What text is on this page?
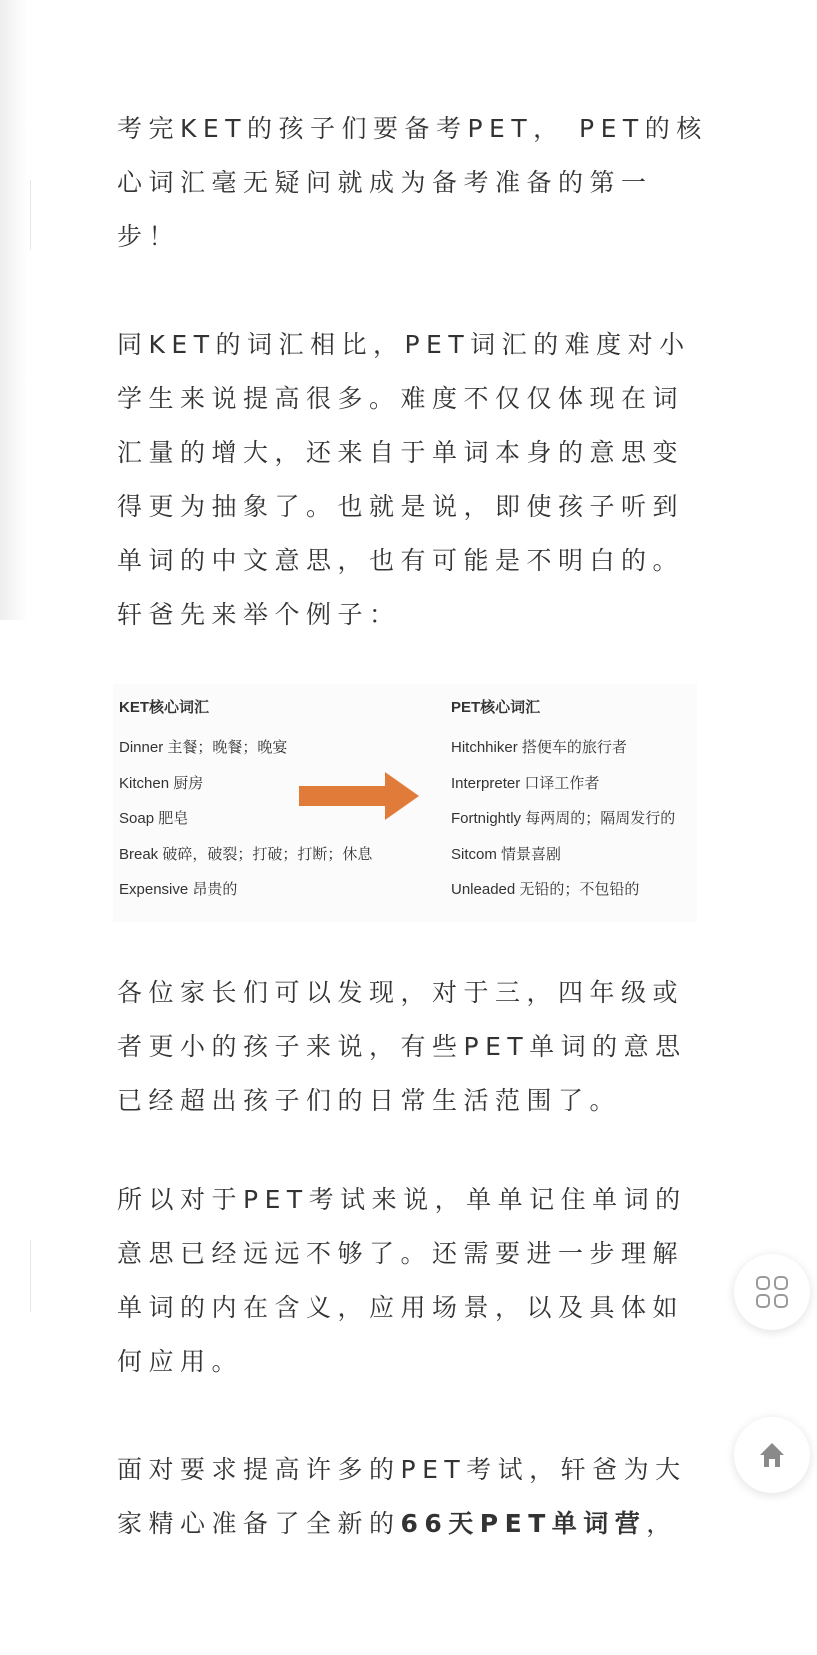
考完KET的孩子们要备考PET， PET的核
心词汇毫无疑问就成为备考准备的第一
步！
同KET的词汇相比，PET词汇的难度对小
学生来说提高很多。难度不仅仅体现在词
汇量的增大，还来自于单词本身的意思变
得更为抽象了。也就是说，即使孩子听到
单词的中文意思，也有可能是不明白的。
轩爸先来举个例子：
KET核心词汇
Dinner 主餐；晚餐；晚宴
Kitchen 厨房
Soap 肥皂
Break 破碎，破裂；打破；打断；休息
Expensive 昂贵的
PET核心词汇
Hitchhiker 搭便车的旅行者
Interpreter 口译工作者
Fortnightly 每两周的；隔周发行的
Sitcom 情景喜剧
Unleaded 无铅的；不包铅的
各位家长们可以发现，对于三，四年级或
者更小的孩子来说，有些PET单词的意思
已经超出孩子们的日常生活范围了。
所以对于PET考试来说，单单记住单词的
意思已经远远不够了。还需要进一步理解
单词的内在含义，应用场景，以及具体如
何应用。
面对要求提高许多的PET考试，轩爸为大
家精心准备了全新的66天PET单词营，
